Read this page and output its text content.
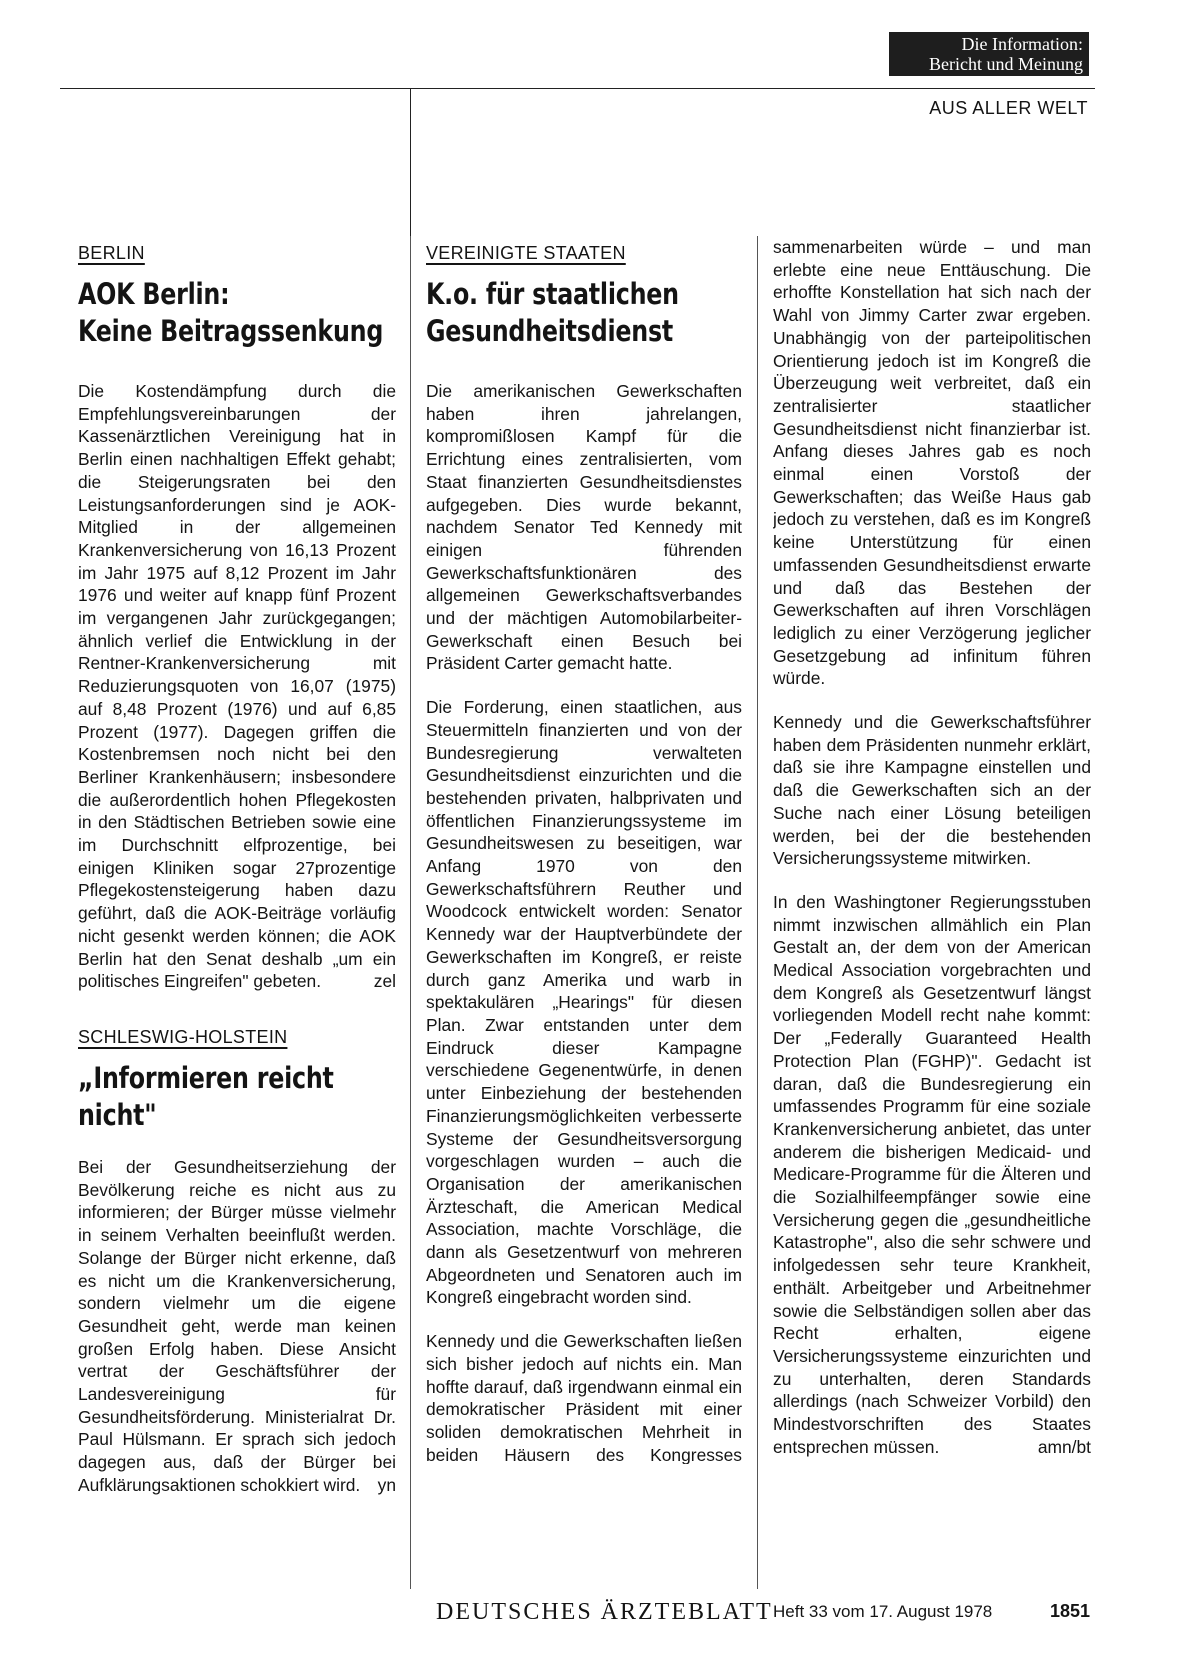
Die Information:
Bericht und Meinung
AUS ALLER WELT
BERLIN
AOK Berlin:
Keine Beitragssenkung

Die Kostendämpfung durch die Empfehlungsvereinbarungen der Kassenärztlichen Vereinigung hat in Berlin einen nachhaltigen Effekt gehabt; die Steigerungsraten bei den Leistungsanforderungen sind je AOK-Mitglied in der allgemeinen Krankenversicherung von 16,13 Prozent im Jahr 1975 auf 8,12 Prozent im Jahr 1976 und weiter auf knapp fünf Prozent im vergangenen Jahr zurückgegangen; ähnlich verlief die Entwicklung in der Rentner-Krankenversicherung mit Reduzierungsquoten von 16,07 (1975) auf 8,48 Prozent (1976) und auf 6,85 Prozent (1977). Dagegen griffen die Kostenbremsen noch nicht bei den Berliner Krankenhäusern; insbesondere die außerordentlich hohen Pflegekosten in den Städtischen Betrieben sowie eine im Durchschnitt elfprozentige, bei einigen Kliniken sogar 27prozentige Pflegekostensteigerung haben dazu geführt, daß die AOK-Beiträge vorläufig nicht gesenkt werden können; die AOK Berlin hat den Senat deshalb „um ein politisches Eingreifen" gebeten.	zel

SCHLESWIG-HOLSTEIN
„Informieren reicht nicht"

Bei der Gesundheitserziehung der Bevölkerung reiche es nicht aus zu informieren; der Bürger müsse vielmehr in seinem Verhalten beeinflußt werden. Solange der Bürger nicht erkenne, daß es nicht um die Krankenversicherung, sondern vielmehr um die eigene Gesundheit geht, werde man keinen großen Erfolg haben. Diese Ansicht vertrat der Geschäftsführer der Landesvereinigung für Gesundheitsförderung. Ministerialrat Dr. Paul Hülsmann. Er sprach sich jedoch dagegen aus, daß der Bürger bei Aufklärungsaktionen schokkiert wird. yn

VEREINIGTE STAATEN
K.o. für staatlichen
Gesundheitsdienst

Die amerikanischen Gewerkschaften haben ihren jahrelangen, kompromißlosen Kampf für die Errichtung eines zentralisierten, vom Staat finanzierten Gesundheitsdienstes aufgegeben. Dies wurde bekannt, nachdem Senator Ted Kennedy mit einigen führenden Gewerkschaftsfunktionären des allgemeinen Gewerkschaftsverbandes und der mächtigen Automobilarbeiter-Gewerkschaft einen Besuch bei Präsident Carter gemacht hatte.

Die Forderung, einen staatlichen, aus Steuermitteln finanzierten und von der Bundesregierung verwalteten Gesundheitsdienst einzurichten und die bestehenden privaten, halbprivaten und öffentlichen Finanzierungssysteme im Gesundheitswesen zu beseitigen, war Anfang 1970 von den Gewerkschaftsführern Reuther und Woodcock entwickelt worden: Senator Kennedy war der Hauptverbündete der Gewerkschaften im Kongreß, er reiste durch ganz Amerika und warb in spektakulären „Hearings" für diesen Plan. Zwar entstanden unter dem Eindruck dieser Kampagne verschiedene Gegenentwürfe, in denen unter Einbeziehung der bestehenden Finanzierungsmöglichkeiten verbesserte Systeme der Gesundheitsversorgung vorgeschlagen wurden – auch die Organisation der amerikanischen Ärzteschaft, die American Medical Association, machte Vorschläge, die dann als Gesetzentwurf von mehreren Abgeordneten und Senatoren auch im Kongreß eingebracht worden sind.

Kennedy und die Gewerkschaften ließen sich bisher jedoch auf nichts ein. Man hoffte darauf, daß irgendwann einmal ein demokratischer Präsident mit einer soliden demokratischen Mehrheit in beiden Häusern des Kongresses

sammenarbeiten würde – und man erlebte eine neue Enttäuschung. Die erhoffte Konstellation hat sich nach der Wahl von Jimmy Carter zwar ergeben. Unabhängig von der parteipolitischen Orientierung jedoch ist im Kongreß die Überzeugung weit verbreitet, daß ein zentralisierter staatlicher Gesundheitsdienst nicht finanzierbar ist. Anfang dieses Jahres gab es noch einmal einen Vorstoß der Gewerkschaften; das Weiße Haus gab jedoch zu verstehen, daß es im Kongreß keine Unterstützung für einen umfassenden Gesundheitsdienst erwarte und daß das Bestehen der Gewerkschaften auf ihren Vorschlägen lediglich zu einer Verzögerung jeglicher Gesetzgebung ad infinitum führen würde.

Kennedy und die Gewerkschaftsführer haben dem Präsidenten nunmehr erklärt, daß sie ihre Kampagne einstellen und daß die Gewerkschaften sich an der Suche nach einer Lösung beteiligen werden, bei der die bestehenden Versicherungssysteme mitwirken.

In den Washingtoner Regierungsstuben nimmt inzwischen allmählich ein Plan Gestalt an, der dem von der American Medical Association vorgebrachten und dem Kongreß als Gesetzentwurf längst vorliegenden Modell recht nahe kommt: Der „Federally Guaranteed Health Protection Plan (FGHP)". Gedacht ist daran, daß die Bundesregierung ein umfassendes Programm für eine soziale Krankenversicherung anbietet, das unter anderem die bisherigen Medicaid- und Medicare-Programme für die Älteren und die Sozialhilfeempfänger sowie eine Versicherung gegen die „gesundheitliche Katastrophe", also die sehr schwere und infolgedessen sehr teure Krankheit, enthält. Arbeitgeber und Arbeitnehmer sowie die Selbständigen sollen aber das Recht erhalten, eigene Versicherungssysteme einzurichten und zu unterhalten, deren Standards allerdings (nach Schweizer Vorbild) den Mindestvorschriften des Staates entsprechen müssen.	amn/bt

DEUTSCHES ÄRZTEBLATT Heft 33 vom 17. August 1978	1851
